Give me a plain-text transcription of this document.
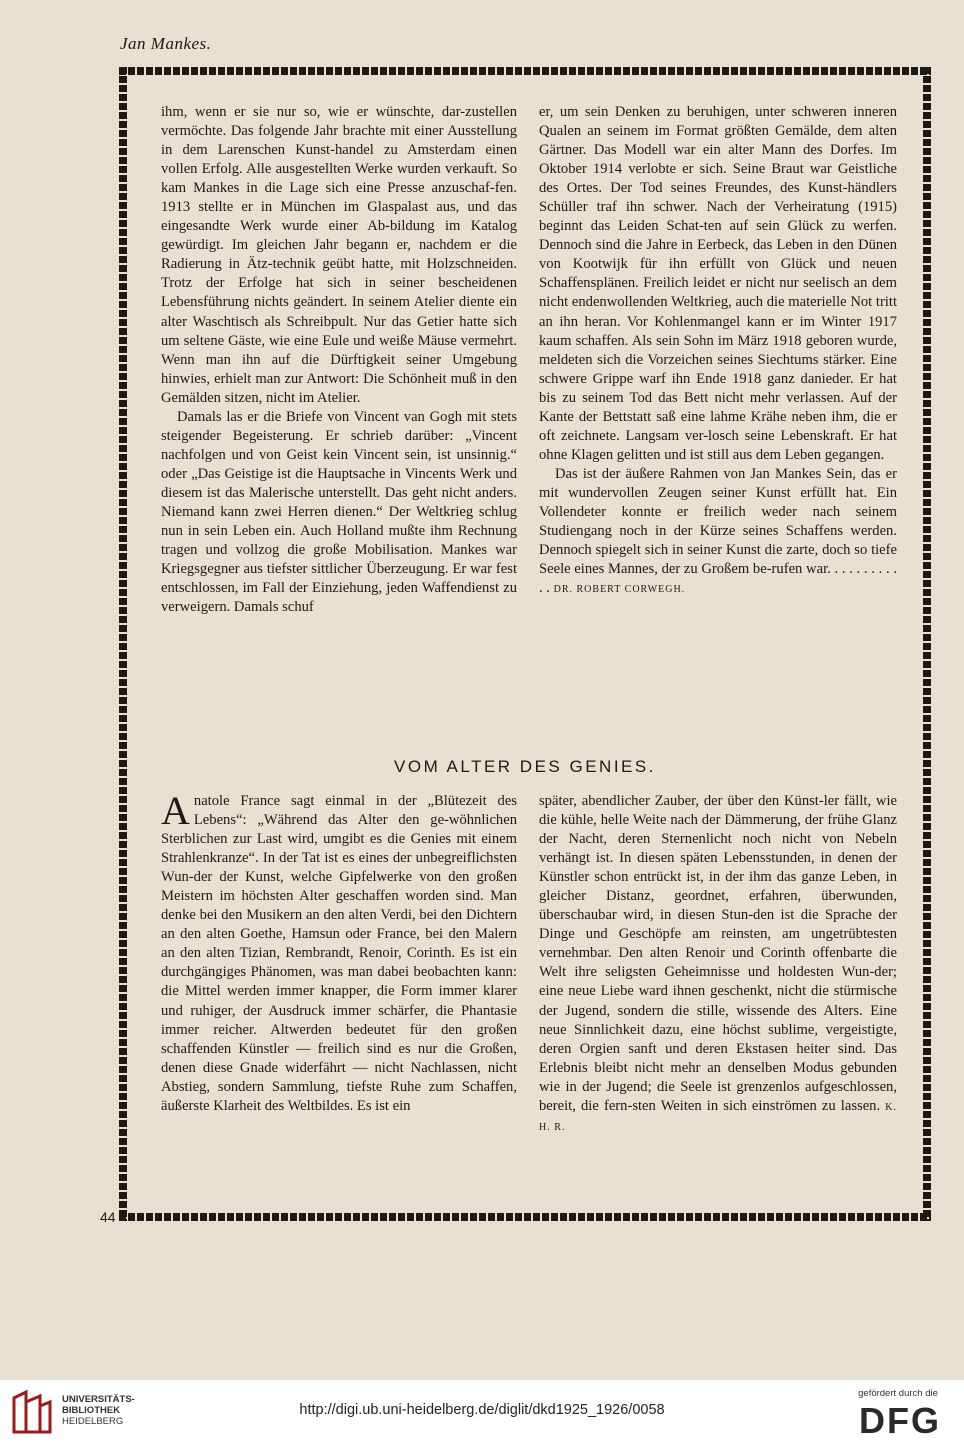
Jan Mankes.

ihm, wenn er sie nur so, wie er wünschte, dar-zustellen vermöchte. Das folgende Jahr brachte mit einer Ausstellung in dem Larenschen Kunst-handel zu Amsterdam einen vollen Erfolg. Alle ausgestellten Werke wurden verkauft. So kam Mankes in die Lage sich eine Presse anzuschaf-fen. 1913 stellte er in München im Glaspalast aus, und das eingesandte Werk wurde einer Ab-bildung im Katalog gewürdigt. Im gleichen Jahr begann er, nachdem er die Radierung in Ätz-technik geübt hatte, mit Holzschneiden. Trotz der Erfolge hat sich in seiner bescheidenen Lebensführung nichts geändert. In seinem Atelier diente ein alter Waschtisch als Schreibpult. Nur das Getier hatte sich um seltene Gäste, wie eine Eule und weiße Mäuse vermehrt. Wenn man ihn auf die Dürftigkeit seiner Umgebung hinwies, erhielt man zur Antwort: Die Schönheit muß in den Gemälden sitzen, nicht im Atelier.

Damals las er die Briefe von Vincent van Gogh mit stets steigender Begeisterung. Er schrieb darüber: „Vincent nachfolgen und von Geist kein Vincent sein, ist unsinnig.“ oder „Das Geistige ist die Hauptsache in Vincents Werk und diesem ist das Malerische unterstellt. Das geht nicht anders. Niemand kann zwei Herren dienen.“ Der Weltkrieg schlug nun in sein Leben ein. Auch Holland mußte ihm Rechnung tragen und vollzog die große Mobilisation. Mankes war Kriegsgegner aus tiefster sittlicher Überzeugung. Er war fest entschlossen, im Fall der Einziehung, jeden Waffendienst zu verweigern. Damals schuf

er, um sein Denken zu beruhigen, unter schweren inneren Qualen an seinem im Format größten Gemälde, dem alten Gärtner. Das Modell war ein alter Mann des Dorfes. Im Oktober 1914 verlobte er sich. Seine Braut war Geistliche des Ortes. Der Tod seines Freundes, des Kunst-händlers Schüller traf ihn schwer. Nach der Verheiratung (1915) beginnt das Leiden Schat-ten auf sein Glück zu werfen. Dennoch sind die Jahre in Eerbeck, das Leben in den Dünen von Kootwijk für ihn erfüllt von Glück und neuen Schaffensplänen. Freilich leidet er nicht nur seelisch an dem nicht endenwollenden Weltkrieg, auch die materielle Not tritt an ihn heran. Vor Kohlenmangel kann er im Winter 1917 kaum schaffen. Als sein Sohn im März 1918 geboren wurde, meldeten sich die Vorzeichen seines Siechtums stärker. Eine schwere Grippe warf ihn Ende 1918 ganz danieder. Er hat bis zu seinem Tod das Bett nicht mehr verlassen. Auf der Kante der Bettstatt saß eine lahme Krähe neben ihm, die er oft zeichnete. Langsam ver-losch seine Lebenskraft. Er hat ohne Klagen gelitten und ist still aus dem Leben gegangen.

Das ist der äußere Rahmen von Jan Mankes Sein, das er mit wundervollen Zeugen seiner Kunst erfüllt hat. Ein Vollendeter konnte er freilich weder nach seinem Studiengang noch in der Kürze seines Schaffens werden. Dennoch spiegelt sich in seiner Kunst die zarte, doch so tiefe Seele eines Mannes, der zu Großem be-rufen war. . . . . . . . . . . . DR. ROBERT CORWEGH.

VOM ALTER DES GENIES.

Anatole France sagt einmal in der „Blütezeit des Lebens“: „Während das Alter den ge-wöhnlichen Sterblichen zur Last wird, umgibt es die Genies mit einem Strahlenkranze“. In der Tat ist es eines der unbegreiflichsten Wun-der der Kunst, welche Gipfelwerke von den großen Meistern im höchsten Alter geschaffen worden sind. Man denke bei den Musikern an den alten Verdi, bei den Dichtern an den alten Goethe, Hamsun oder France, bei den Malern an den alten Tizian, Rembrandt, Renoir, Corinth. Es ist ein durchgängiges Phänomen, was man dabei beobachten kann: die Mittel werden immer knapper, die Form immer klarer und ruhiger, der Ausdruck immer schärfer, die Phantasie immer reicher. Altwerden bedeutet für den großen schaffenden Künstler — freilich sind es nur die Großen, denen diese Gnade widerfährt — nicht Nachlassen, nicht Abstieg, sondern Sammlung, tiefste Ruhe zum Schaffen, äußerste Klarheit des Weltbildes. Es ist ein

später, abendlicher Zauber, der über den Künst-ler fällt, wie die kühle, helle Weite nach der Dämmerung, der frühe Glanz der Nacht, deren Sternenlicht noch nicht von Nebeln verhängt ist. In diesen späten Lebensstunden, in denen der Künstler schon entrückt ist, in der ihm das ganze Leben, in gleicher Distanz, geordnet, erfahren, überwunden, überschaubar wird, in diesen Stun-den ist die Sprache der Dinge und Geschöpfe am reinsten, am ungetrübtesten vernehmbar. Den alten Renoir und Corinth offenbarte die Welt ihre seligsten Geheimnisse und holdesten Wun-der; eine neue Liebe ward ihnen geschenkt, nicht die stürmische der Jugend, sondern die stille, wissende des Alters. Eine neue Sinnlichkeit dazu, eine höchst sublime, vergeistigte, deren Orgien sanft und deren Ekstasen heiter sind. Das Erlebnis bleibt nicht mehr an denselben Modus gebunden wie in der Jugend; die Seele ist grenzenlos aufgeschlossen, bereit, die fern-sten Weiten in sich einströmen zu lassen. K. H. R.

44
UNIVERSITÄTS-
BIBLIOTHEK
HEIDELBERG
http://digi.ub.uni-heidelberg.de/diglit/dkd1925_1926/0058
gefördert durch die
DFG
